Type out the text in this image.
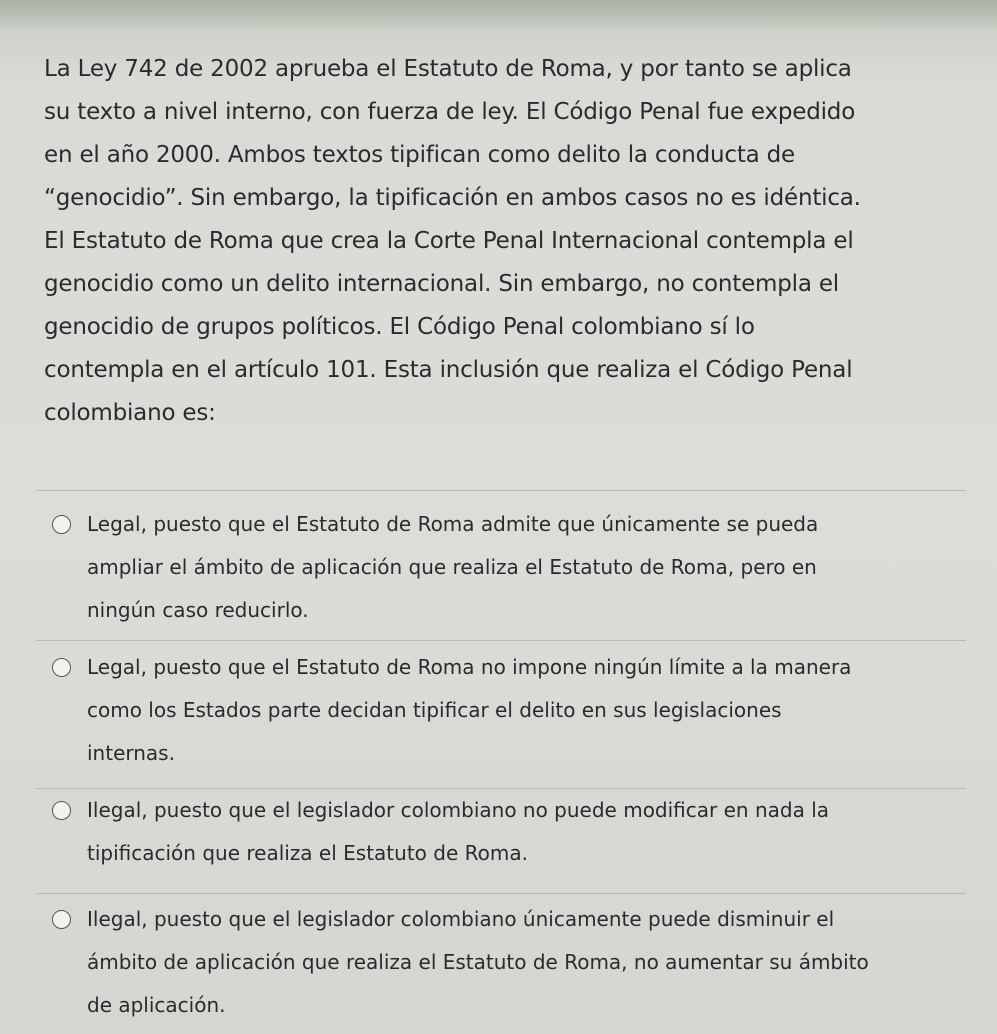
La Ley 742 de 2002 aprueba el Estatuto de Roma, y por tanto se aplica
su texto a nivel interno, con fuerza de ley. El Código Penal fue expedido
en el año 2000. Ambos textos tipifican como delito la conducta de
“genocidio”. Sin embargo, la tipificación en ambos casos no es idéntica.
El Estatuto de Roma que crea la Corte Penal Internacional contempla el
genocidio como un delito internacional. Sin embargo, no contempla el
genocidio de grupos políticos. El Código Penal colombiano sí lo
contempla en el artículo 101. Esta inclusión que realiza el Código Penal
colombiano es:
Legal, puesto que el Estatuto de Roma admite que únicamente se pueda
ampliar el ámbito de aplicación que realiza el Estatuto de Roma, pero en
ningún caso reducirlo.
Legal, puesto que el Estatuto de Roma no impone ningún límite a la manera
como los Estados parte decidan tipificar el delito en sus legislaciones
internas.
Ilegal, puesto que el legislador colombiano no puede modificar en nada la
tipificación que realiza el Estatuto de Roma.
Ilegal, puesto que el legislador colombiano únicamente puede disminuir el
ámbito de aplicación que realiza el Estatuto de Roma, no aumentar su ámbito
de aplicación.
